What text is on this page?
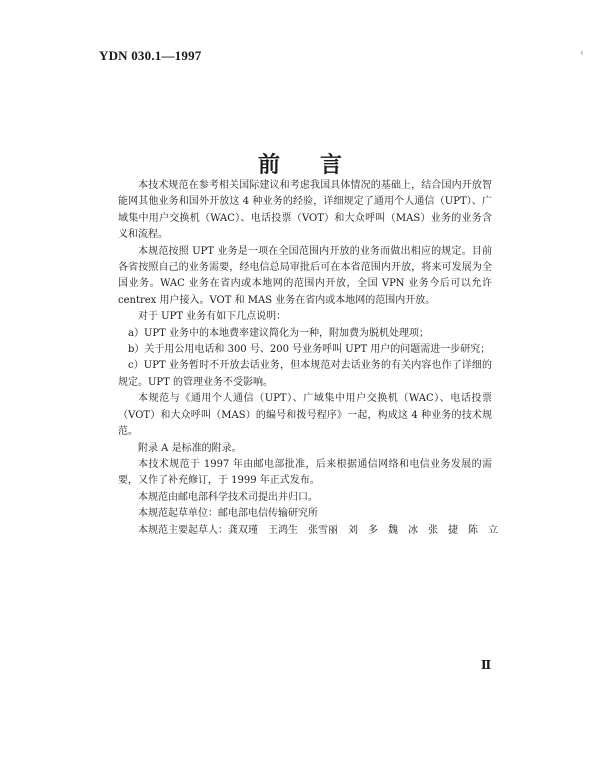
YDN 030.1—1997	‹
前言

本技术规范在参考相关国际建议和考虑我国具体情况的基础上，结合国内开放智能网其他业务和国外开放这 4 种业务的经验，详细规定了通用个人通信（UPT）、广域集中用户交换机（WAC）、电话投票（VOT）和大众呼叫（MAS）业务的业务含义和流程。

本规范按照 UPT 业务是一项在全国范围内开放的业务而做出相应的规定。目前各省按照自己的业务需要，经电信总局审批后可在本省范围内开放，将来可发展为全国业务。WAC 业务在省内或本地网的范围内开放，全国 VPN 业务今后可以允许 centrex 用户接入。VOT 和 MAS 业务在省内或本地网的范围内开放。

对于 UPT 业务有如下几点说明：

a）UPT 业务中的本地费率建议简化为一种，附加费为脱机处理项；

b）关于用公用电话和 300 号、200 号业务呼叫 UPT 用户的问题需进一步研究；

c）UPT 业务暂时不开放去话业务，但本规范对去话业务的有关内容也作了详细的规定。UPT 的管理业务不受影响。

本规范与《通用个人通信（UPT）、广域集中用户交换机（WAC）、电话投票（VOT）和大众呼叫（MAS）的编号和拨号程序》一起，构成这 4 种业务的技术规范。

附录 A 是标准的附录。

本技术规范于 1997 年由邮电部批准，后来根据通信网络和电信业务发展的需要，又作了补充修订，于 1999 年正式发布。

本规范由邮电部科学技术司提出并归口。

本规范起草单位：邮电部电信传输研究所

本规范主要起草人：龚双瑾　王鸿生　张雪丽　刘　多　魏　冰　张　捷　陈　立

Ⅱ
